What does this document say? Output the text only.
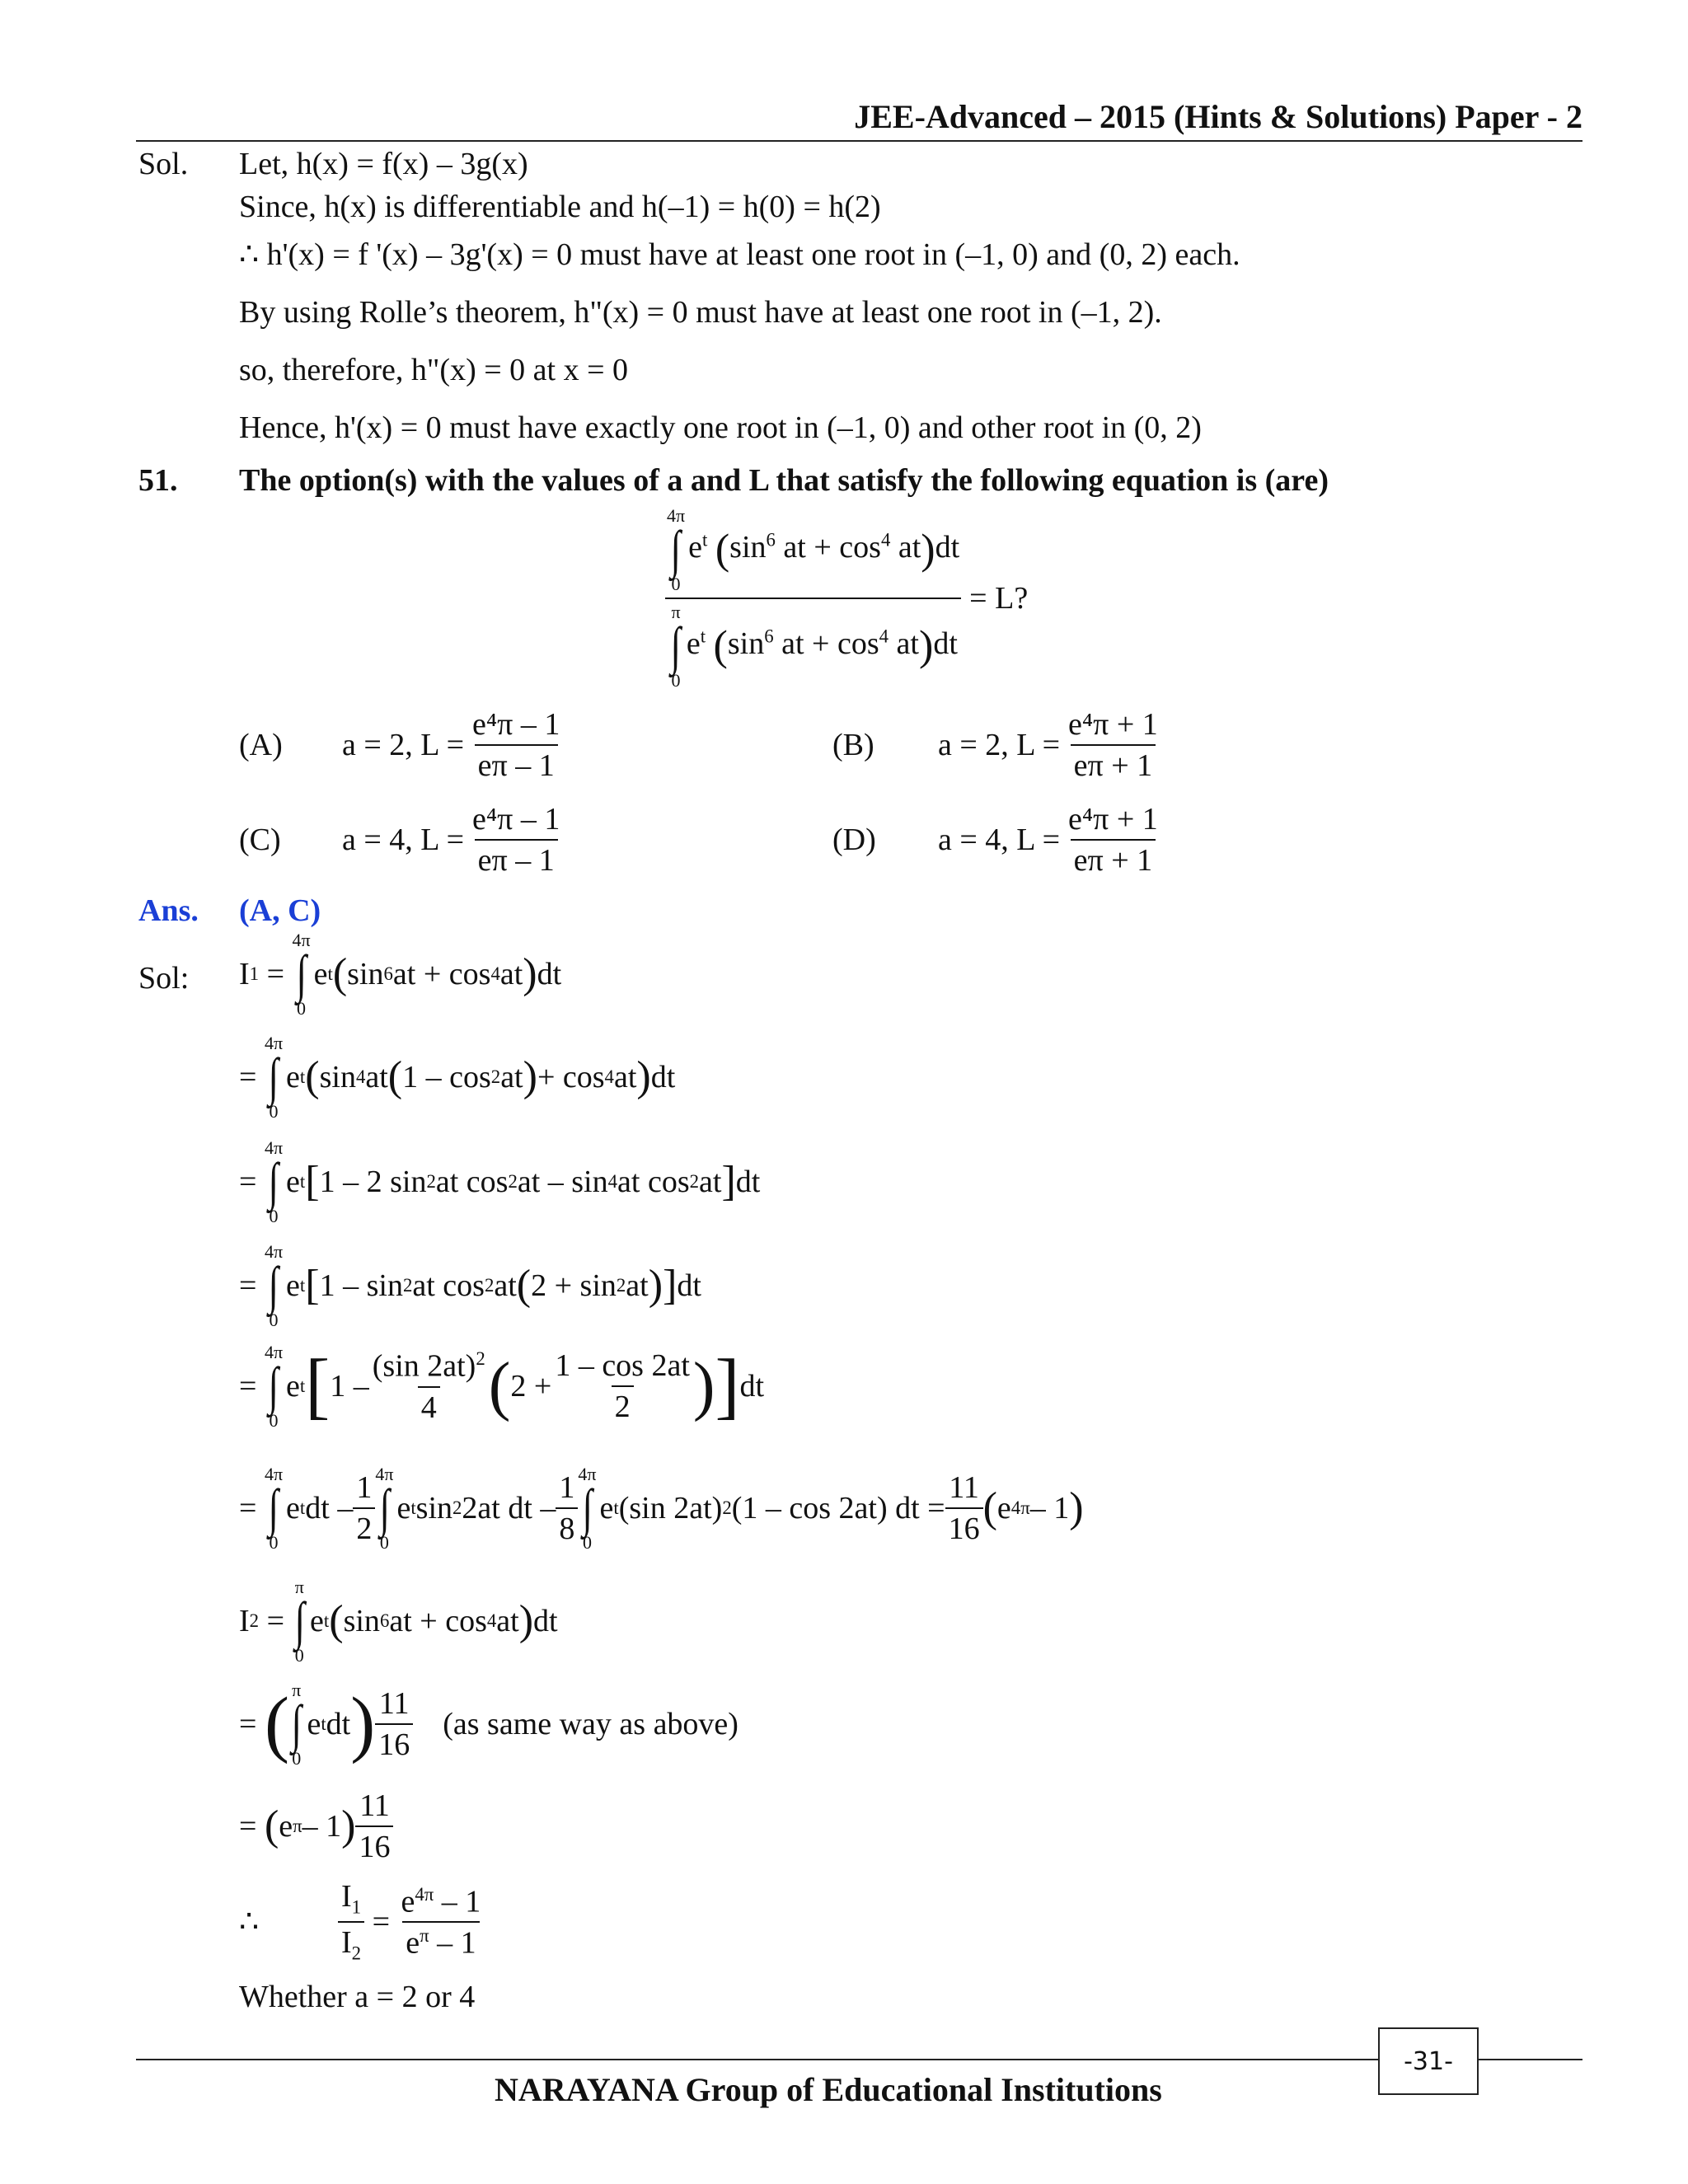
JEE-Advanced – 2015 (Hints & Solutions) Paper - 2
Sol. Let, h(x) = f(x) – 3g(x)
Since, h(x) is differentiable and h(–1) = h(0) = h(2)
∴ h'(x) = f '(x) – 3g'(x) = 0 must have at least one root in (–1, 0) and (0, 2) each.
By using Rolle’s theorem, h"(x) = 0 must have at least one root in (–1, 2).
so, therefore, h"(x) = 0 at x = 0
Hence, h'(x) = 0 must have exactly one root in (–1, 0) and other root in (0, 2)
51. The option(s) with the values of a and L that satisfy the following equation is (are)
4π
∫
0
$e^t$ ($\sin^6$ at + $\cos^4 at)dt$
π
∫
0
$e^t$ ($\sin^6$ at + $\cos^4 at)dt = L$?
(A)	a = 2, $L = \frac{\text{e⁴π – 1}}{e\pi - 1}$	(B)	a = 2, $L = \frac{\text{e⁴π + 1}}{e\pi + 1}$
(C)	a = 4, $L = \frac{\text{e⁴π – 1}}{e\pi - 1}$	(D)	a = 4, $L = \frac{\text{e⁴π + 1}}{e\pi + 1}$
Ans. (A, C)
Sol: I 1 =
4π
∫
0
e t ( sin 6 at + cos 4 at ) dt
=
4π
∫
0
e t ( sin 4 at ( 1 – cos 2 at ) + cos 4 at ) dt
=
4π
∫
0
e t [ 1 – 2 sin 2 at cos 2 at – sin 4 at cos 2 at ] dt
=
4π
∫
0
e t [ 1 – sin 2 at cos 2 at ( 2 + sin 2 at ) ] dt
=
4π
∫
0
e t [ $1 - \frac{(\sin 2at)^2}{4}$ ( $2 + \frac{1 - \cos 2at}{2}$ ) ] dt
=
4π
∫
0
e t dt – $\frac{1}{2} 4\pi$
∫
0
e t sin 2 2at dt – $\frac{1}{8} 4\pi$
∫
0
e t (sin 2at) 2 (1 – cos 2at) dt = $\frac{11}{16}$ ( e 4π – 1 )
I 2 =
π
∫
0
e t ( sin 6 at + cos 4 at ) dt
= ( π
∫
0
e t dt ) $\frac{11}{16} (as$ same way as above)
= ( e π – 1 ) $\frac{11}{16}$
∴	$\frac{I_1}{I_2} = \frac{e^{4\pi} - 1}{e^\pi - 1}$
Whether a = 2 or 4
NARAYANA Group of Educational Institutions
-31-
